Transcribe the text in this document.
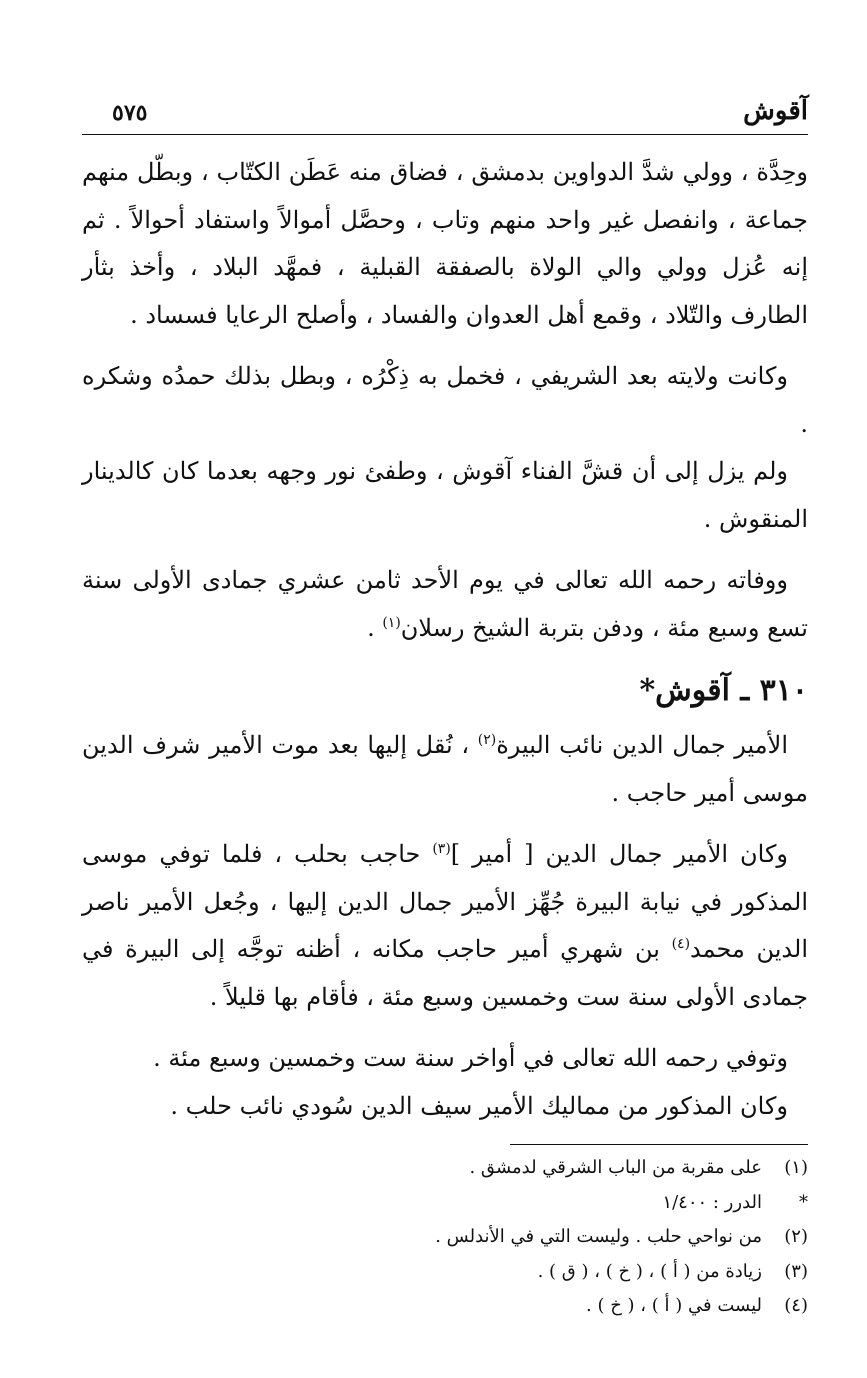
آقوش
٥٧٥

وحِدَّة ، وولي شدَّ الدواوين بدمشق ، فضاق منه عَطَن الكتّاب ، وبطّل منهم جماعة ، وانفصل غير واحد منهم وتاب ، وحصَّل أموالاً واستفاد أحوالاً . ثم إنه عُزل وولي والي الولاة بالصفقة القبلية ، فمهَّد البلاد ، وأخذ بثأر الطارف والتّلاد ، وقمع أهل العدوان والفساد ، وأصلح الرعايا فسساد .

وكانت ولايته بعد الشريفي ، فخمل به ذِكْرُه ، وبطل بذلك حمدُه وشكره .

ولم يزل إلى أن قشَّ الفناء آقوش ، وطفئ نور وجهه بعدما كان كالدينار المنقوش .

ووفاته رحمه الله تعالى في يوم الأحد ثامن عشري جمادى الأولى سنة تسع وسبع مئة ، ودفن بتربة الشيخ رسلان$^{(١)}$ .

٣١٠ ـ آقوش*

الأمير جمال الدين نائب البيرة$^{(٢)}$ ، نُقل إليها بعد موت الأمير شرف الدين موسى أمير حاجب .

وكان الأمير جمال الدين [ أمير ]$^{(٣)}$ حاجب بحلب ، فلما توفي موسى المذكور في نيابة البيرة جُهِّز الأمير جمال الدين إليها ، وجُعل الأمير ناصر الدين محمد$^{(٤)}$ بن شهري أمير حاجب مكانه ، أظنه توجَّه إلى البيرة في جمادى الأولى سنة ست وخمسين وسبع مئة ، فأقام بها قليلاً .

وتوفي رحمه الله تعالى في أواخر سنة ست وخمسين وسبع مئة .

وكان المذكور من مماليك الأمير سيف الدين سُودي نائب حلب .

(١)
على مقربة من الباب الشرقي لدمشق .
*
الدرر : ١/٤٠٠
(٢)
من نواحي حلب . وليست التي في الأندلس .
(٣)
زيادة من ( أ ) ، ( خ ) ، ( ق ) .
(٤)
ليست في ( أ ) ، ( خ ) .
